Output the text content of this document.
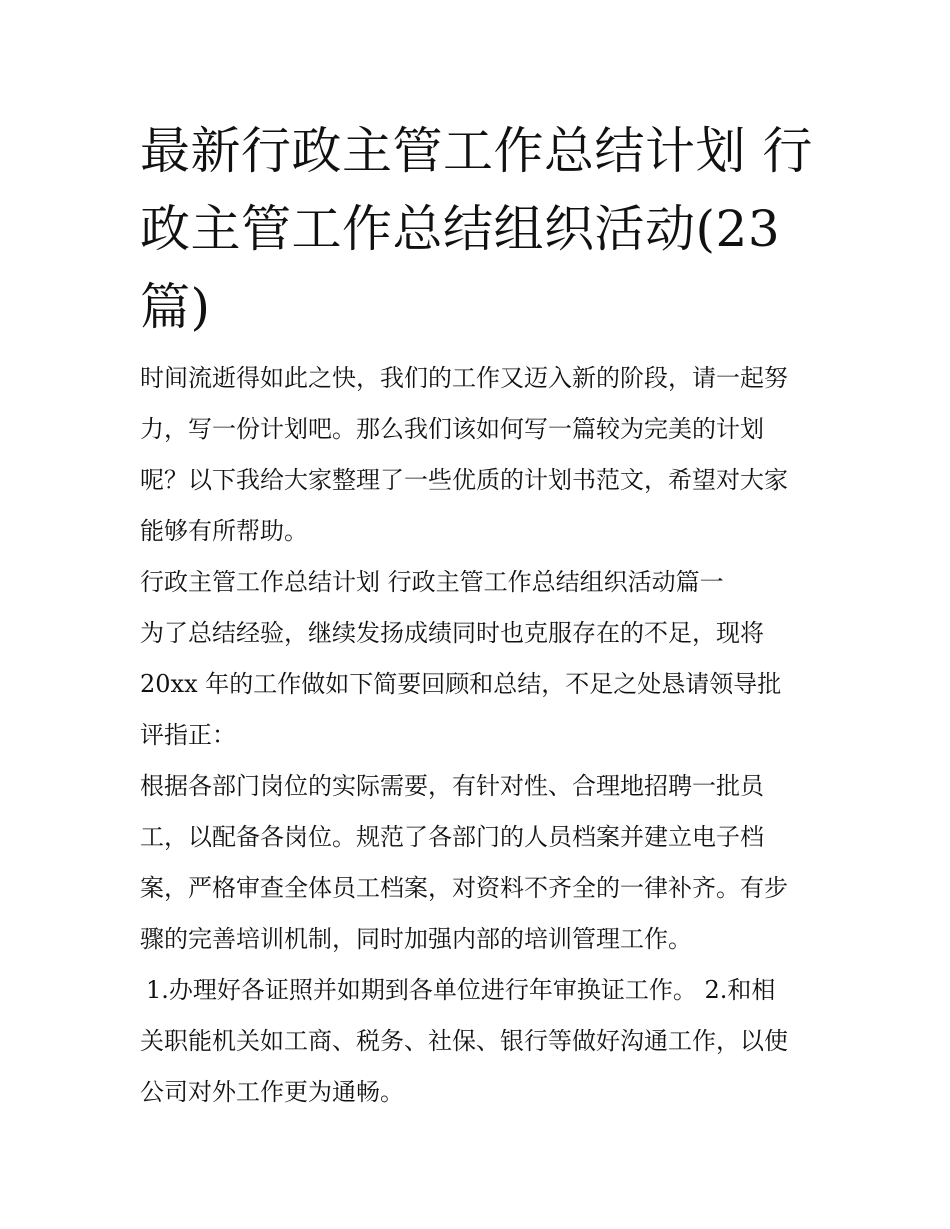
最新行政主管工作总结计划 行
政主管工作总结组织活动(23
篇)

时间流逝得如此之快，我们的工作又迈入新的阶段，请一起努

力，写一份计划吧。那么我们该如何写一篇较为完美的计划

呢？以下我给大家整理了一些优质的计划书范文，希望对大家

能够有所帮助。

行政主管工作总结计划 行政主管工作总结组织活动篇一

为了总结经验，继续发扬成绩同时也克服存在的不足，现将

20xx 年的工作做如下简要回顾和总结，不足之处恳请领导批

评指正：

根据各部门岗位的实际需要，有针对性、合理地招聘一批员

工，以配备各岗位。规范了各部门的人员档案并建立电子档

案，严格审查全体员工档案，对资料不齐全的一律补齐。有步

骤的完善培训机制，同时加强内部的培训管理工作。

1.办理好各证照并如期到各单位进行年审换证工作。 2.和相

关职能机关如工商、税务、社保、银行等做好沟通工作，以使

公司对外工作更为通畅。
